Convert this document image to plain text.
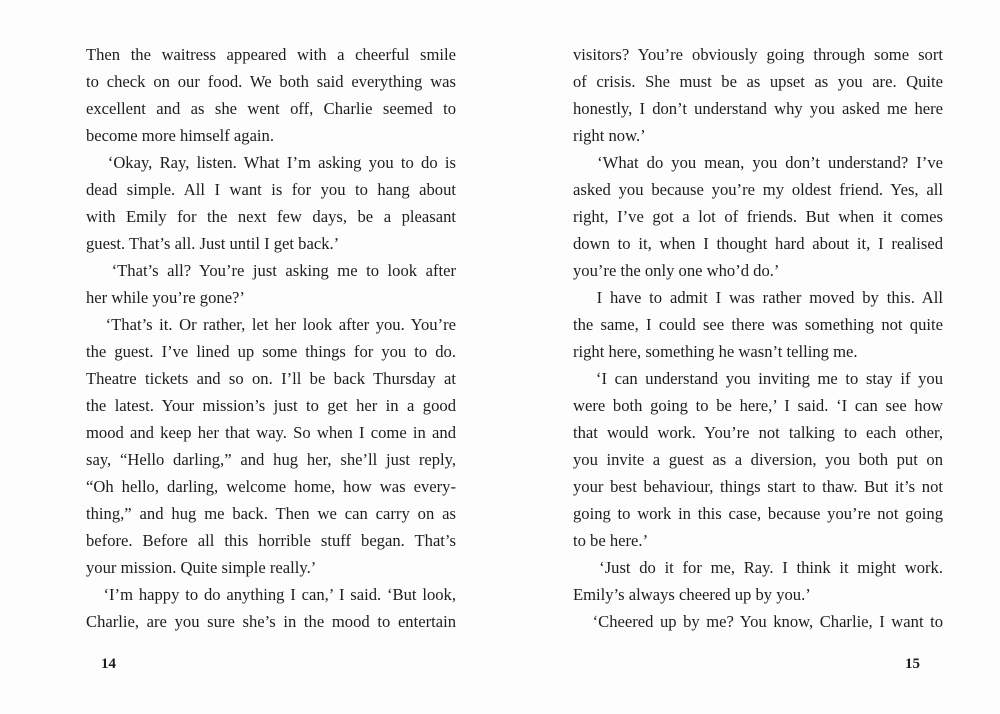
Then the waitress appeared with a cheerful smile
to check on our food. We both said everything was
excellent and as she went off, Charlie seemed to
become more himself again.
‘Okay, Ray, listen. What I’m asking you to do is
dead simple. All I want is for you to hang about
with Emily for the next few days, be a pleasant
guest. That’s all. Just until I get back.’
‘That’s all? You’re just asking me to look after
her while you’re gone?’
‘That’s it. Or rather, let her look after you. You’re
the guest. I’ve lined up some things for you to do.
Theatre tickets and so on. I’ll be back Thursday at
the latest. Your mission’s just to get her in a good
mood and keep her that way. So when I come in and
say, “Hello darling,” and hug her, she’ll just reply,
“Oh hello, darling, welcome home, how was every-
thing,” and hug me back. Then we can carry on as
before. Before all this horrible stuff began. That’s
your mission. Quite simple really.’
‘I’m happy to do anything I can,’ I said. ‘But look,
Charlie, are you sure she’s in the mood to entertain
visitors? You’re obviously going through some sort
of crisis. She must be as upset as you are. Quite
honestly, I don’t understand why you asked me here
right now.’
‘What do you mean, you don’t understand? I’ve
asked you because you’re my oldest friend. Yes, all
right, I’ve got a lot of friends. But when it comes
down to it, when I thought hard about it, I realised
you’re the only one who’d do.’
I have to admit I was rather moved by this. All
the same, I could see there was something not quite
right here, something he wasn’t telling me.
‘I can understand you inviting me to stay if you
were both going to be here,’ I said. ‘I can see how
that would work. You’re not talking to each other,
you invite a guest as a diversion, you both put on
your best behaviour, things start to thaw. But it’s not
going to work in this case, because you’re not going
to be here.’
‘Just do it for me, Ray. I think it might work.
Emily’s always cheered up by you.’
‘Cheered up by me? You know, Charlie, I want to
14	15
